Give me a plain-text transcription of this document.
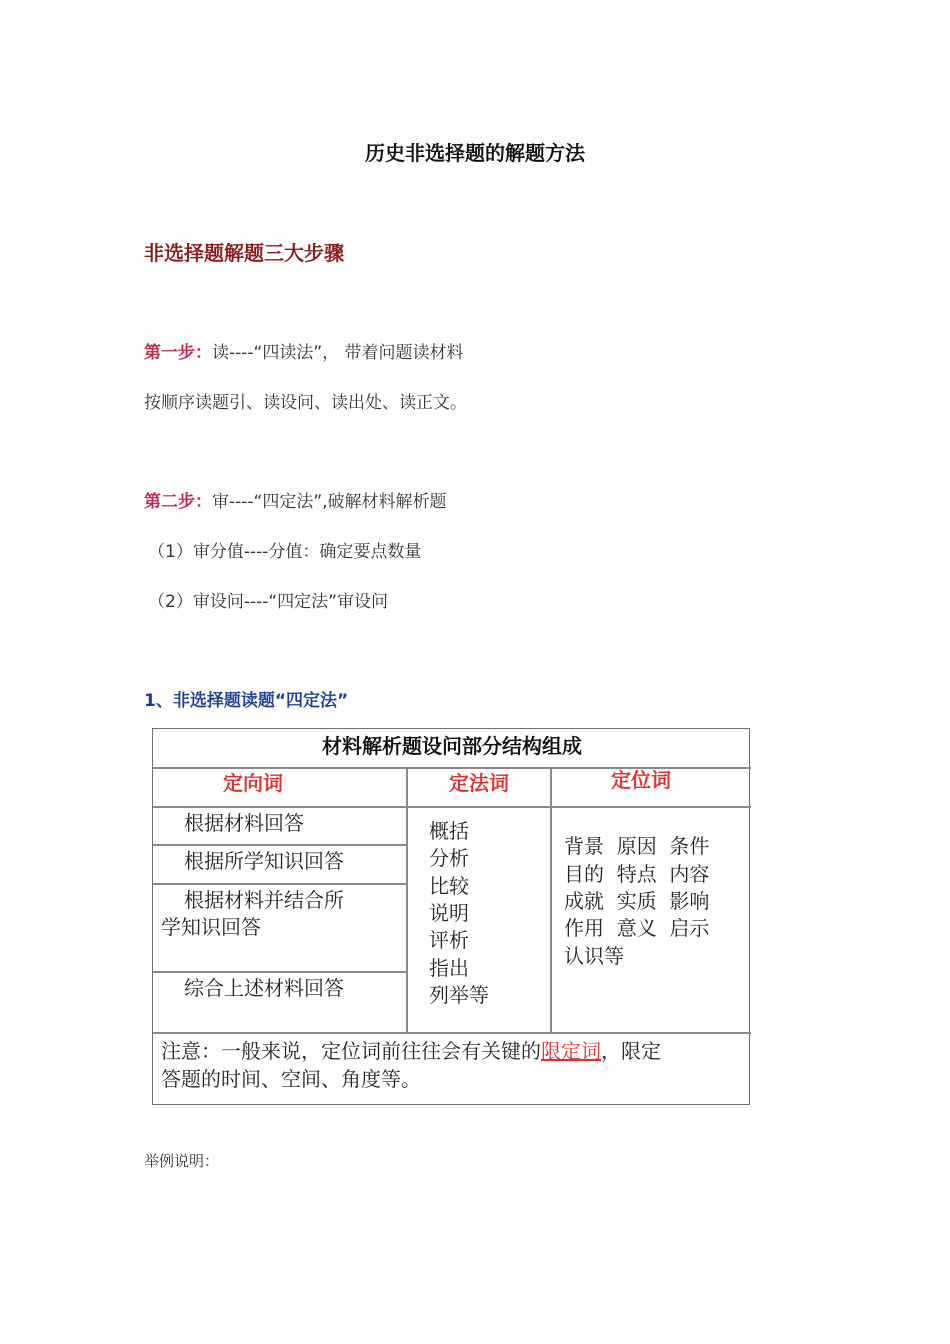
历史非选择题的解题方法
非选择题解题三大步骤
第一步：读----“四读法”， 带着问题读材料
按顺序读题引、读设问、读出处、读正文。
第二步：审----“四定法”,破解材料解析题
（1）审分值----分值：确定要点数量
（2）审设问----“四定法”审设问
1、非选择题读题“四定法”
材料解析题设问部分结构组成
定向词	定法词	定位词
根据材料回答
根据所学知识回答
根据材料并结合所
学知识回答
综合上述材料回答
概括
分析
比较
说明
评析
指出
列举等
背景  原因  条件
目的  特点  内容
成就  实质  影响
作用  意义  启示
认识等
注意：一般来说，定位词前往往会有关键的限定词，限定
答题的时间、空间、角度等。
举例说明：
